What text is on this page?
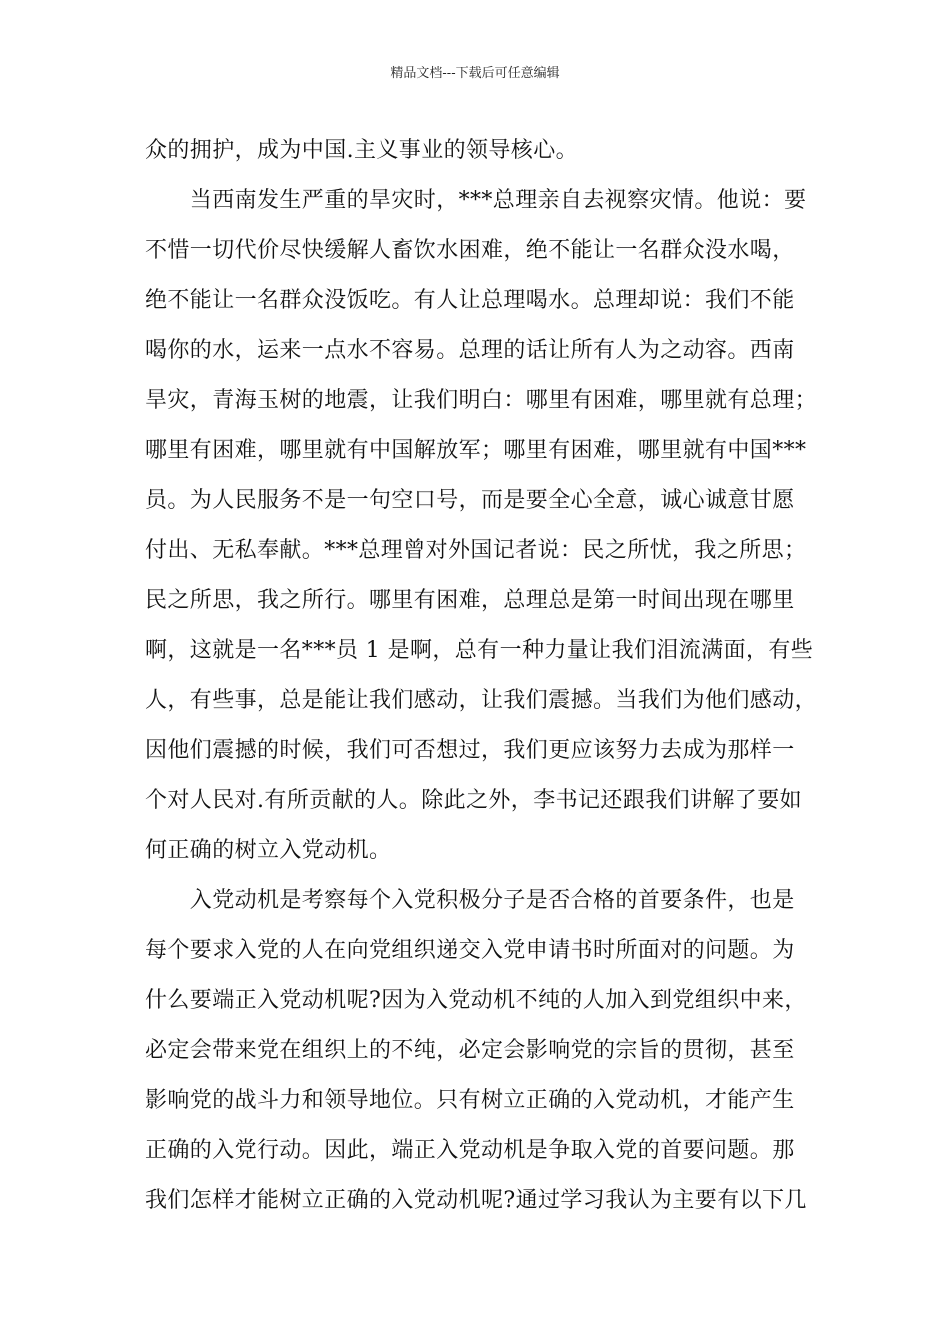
精品文档---下载后可任意编辑
众的拥护，成为中国.主义事业的领导核心。
　　当西南发生严重的旱灾时，***总理亲自去视察灾情。他说：要
不惜一切代价尽快缓解人畜饮水困难，绝不能让一名群众没水喝，
绝不能让一名群众没饭吃。有人让总理喝水。总理却说：我们不能
喝你的水，运来一点水不容易。总理的话让所有人为之动容。西南
旱灾，青海玉树的地震，让我们明白：哪里有困难，哪里就有总理；
哪里有困难，哪里就有中国解放军；哪里有困难，哪里就有中国***
员。为人民服务不是一句空口号，而是要全心全意，诚心诚意甘愿
付出、无私奉献。***总理曾对外国记者说：民之所忧，我之所思；
民之所思，我之所行。哪里有困难，总理总是第一时间出现在哪里
啊，这就是一名***员 1 是啊，总有一种力量让我们泪流满面，有些
人，有些事，总是能让我们感动，让我们震撼。当我们为他们感动，
因他们震撼的时候，我们可否想过，我们更应该努力去成为那样一
个对人民对.有所贡献的人。除此之外，李书记还跟我们讲解了要如
何正确的树立入党动机。
　　入党动机是考察每个入党积极分子是否合格的首要条件，也是
每个要求入党的人在向党组织递交入党申请书时所面对的问题。为
什么要端正入党动机呢?因为入党动机不纯的人加入到党组织中来，
必定会带来党在组织上的不纯，必定会影响党的宗旨的贯彻，甚至
影响党的战斗力和领导地位。只有树立正确的入党动机，才能产生
正确的入党行动。因此，端正入党动机是争取入党的首要问题。那
我们怎样才能树立正确的入党动机呢?通过学习我认为主要有以下几
